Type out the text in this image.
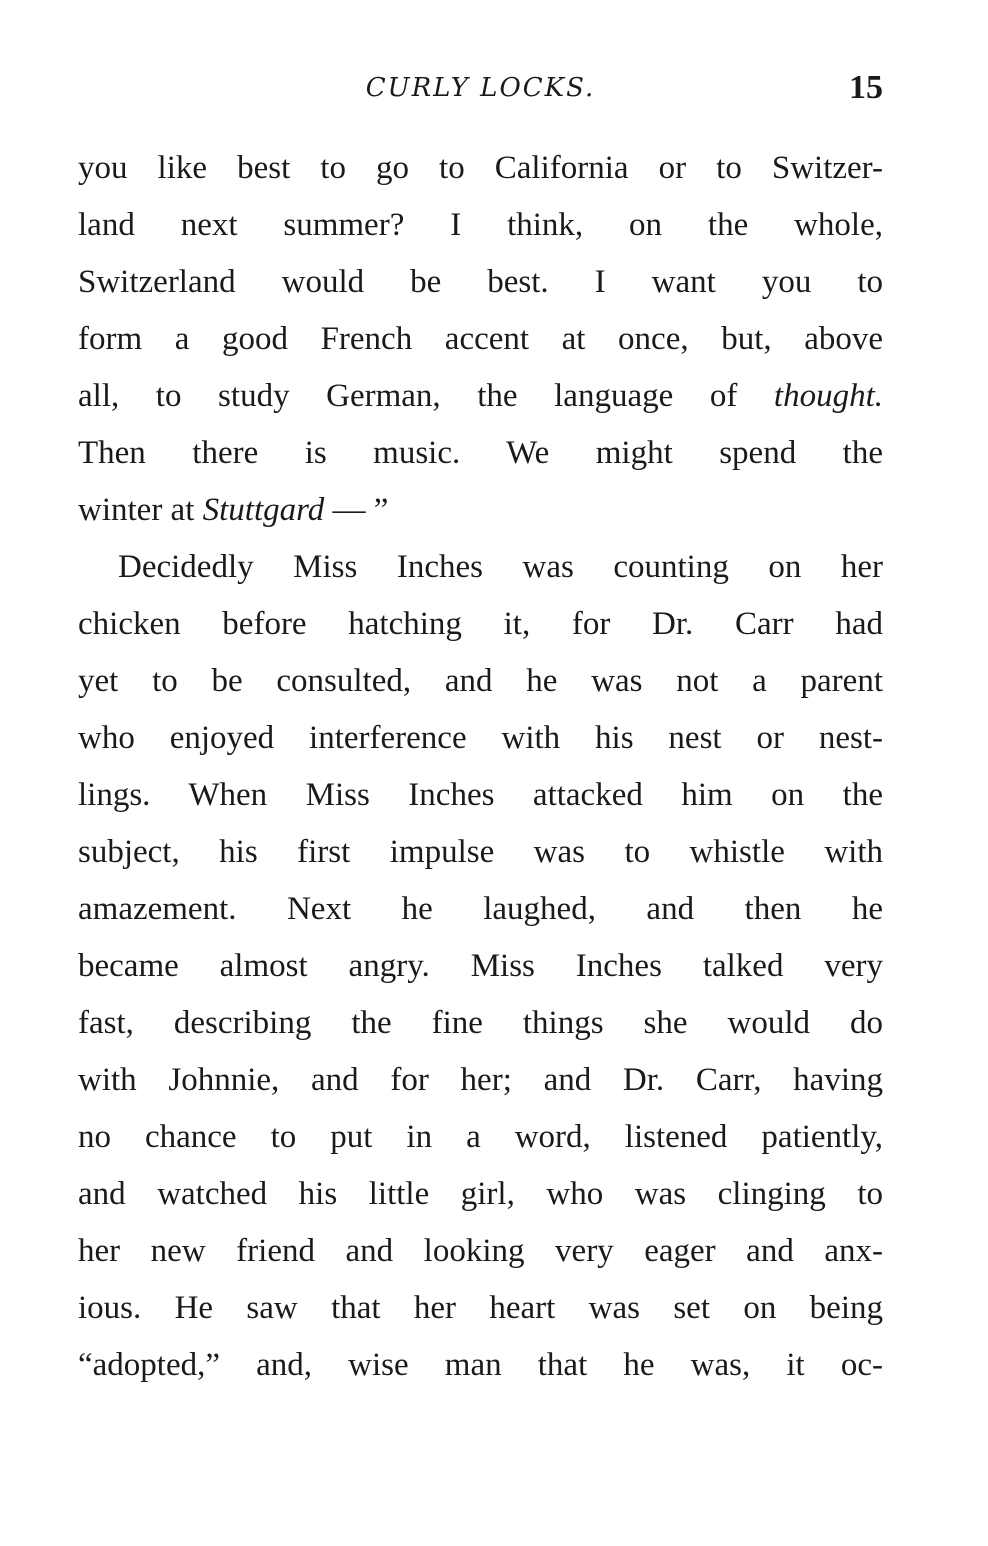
CURLY LOCKS.	15
you like best to go to California or to Switzer-
land next summer? I think, on the whole,
Switzerland would be best. I want you to
form a good French accent at once, but, above
all, to study German, the language of thought.
Then there is music. We might spend the
winter at Stuttgard — ”
Decidedly Miss Inches was counting on her
chicken before hatching it, for Dr. Carr had
yet to be consulted, and he was not a parent
who enjoyed interference with his nest or nest-
lings. When Miss Inches attacked him on the
subject, his first impulse was to whistle with
amazement. Next he laughed, and then he
became almost angry. Miss Inches talked very
fast, describing the fine things she would do
with Johnnie, and for her; and Dr. Carr, having
no chance to put in a word, listened patiently,
and watched his little girl, who was clinging to
her new friend and looking very eager and anx-
ious. He saw that her heart was set on being
“adopted,” and, wise man that he was, it oc-
